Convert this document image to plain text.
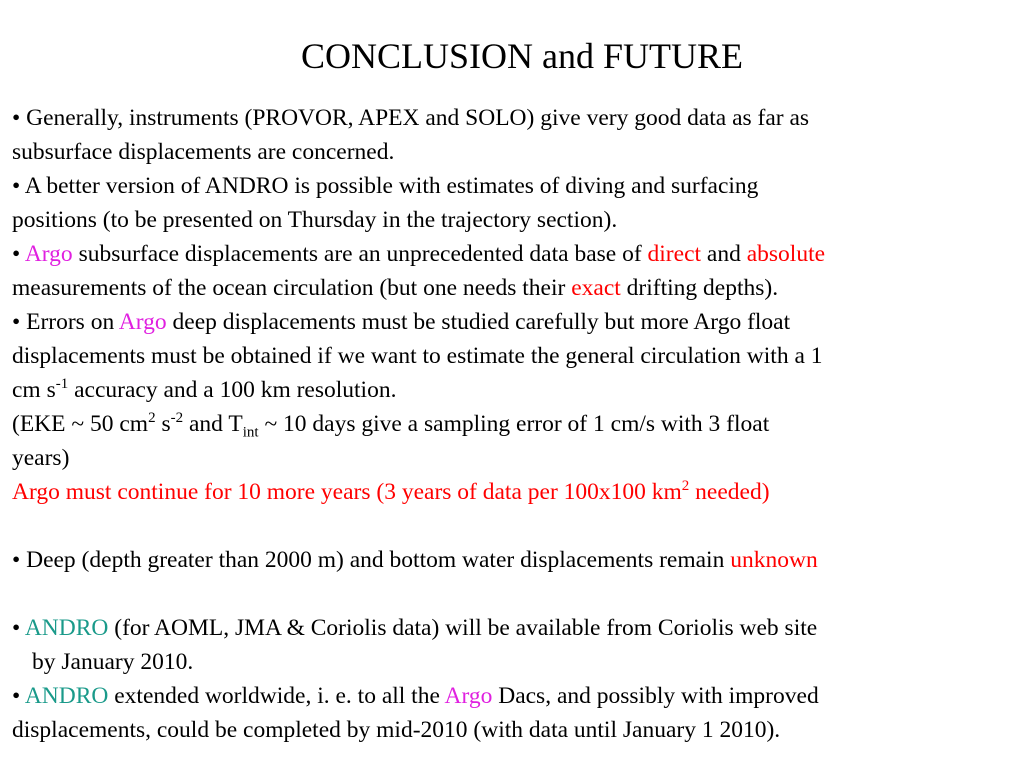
CONCLUSION and FUTURE
• Generally, instruments (PROVOR, APEX and SOLO) give very good data as far as
subsurface displacements are concerned.
• A better version of ANDRO is possible with estimates of diving and surfacing
positions (to be presented on Thursday in the trajectory section).
• Argo subsurface displacements are an unprecedented data base of direct and absolute
measurements of the ocean circulation (but one needs their exact drifting depths).
• Errors on Argo deep displacements must be studied carefully but more Argo float
displacements must be obtained if we want to estimate the general circulation with a 1
cm $s^{-1}$ accuracy and a 100 km resolution.
(EKE ~ 50 $cm^2$ $s^{-2}$ and $T_{int}$ ~ 10 days give a sampling error of 1 cm/s with 3 float
years)
Argo must continue for 10 more years (3 years of data per 100x100 $km^2$ needed)
• Deep (depth greater than 2000 m) and bottom water displacements remain unknown
• ANDRO (for AOML, JMA & Coriolis data) will be available from Coriolis web site
by January 2010.
• ANDRO extended worldwide, i. e. to all the Argo Dacs, and possibly with improved
displacements, could be completed by mid-2010 (with data until January 1 2010).
